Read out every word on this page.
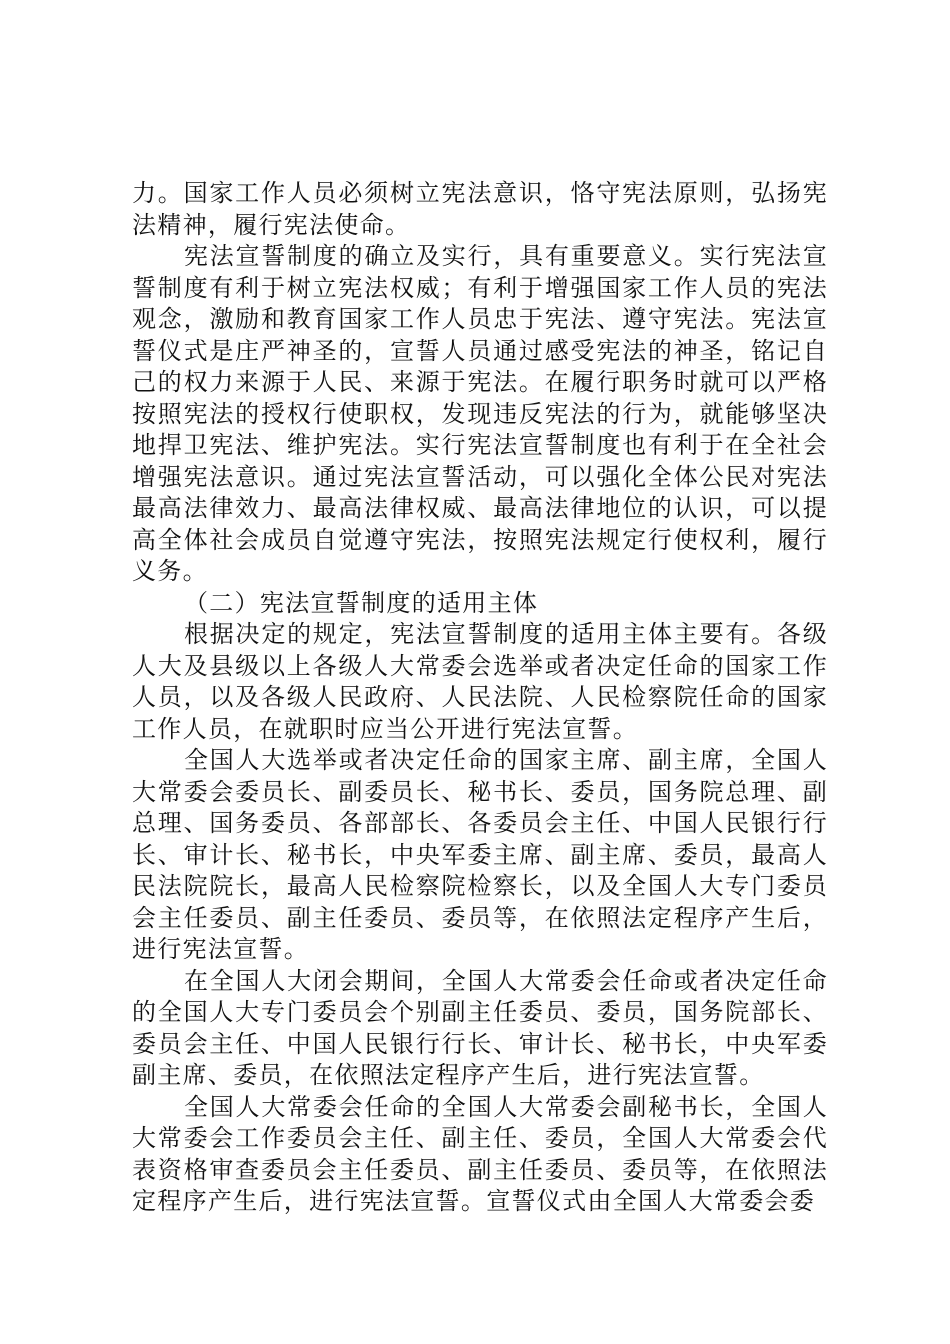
力。国家工作人员必须树立宪法意识，恪守宪法原则，弘扬宪法精神，履行宪法使命。

宪法宣誓制度的确立及实行，具有重要意义。实行宪法宣誓制度有利于树立宪法权威；有利于增强国家工作人员的宪法观念，激励和教育国家工作人员忠于宪法、遵守宪法。宪法宣誓仪式是庄严神圣的，宣誓人员通过感受宪法的神圣，铭记自己的权力来源于人民、来源于宪法。在履行职务时就可以严格按照宪法的授权行使职权，发现违反宪法的行为，就能够坚决地捍卫宪法、维护宪法。实行宪法宣誓制度也有利于在全社会增强宪法意识。通过宪法宣誓活动，可以强化全体公民对宪法最高法律效力、最高法律权威、最高法律地位的认识，可以提高全体社会成员自觉遵守宪法，按照宪法规定行使权利，履行义务。

（二）宪法宣誓制度的适用主体

根据决定的规定，宪法宣誓制度的适用主体主要有。各级人大及县级以上各级人大常委会选举或者决定任命的国家工作人员，以及各级人民政府、人民法院、人民检察院任命的国家工作人员，在就职时应当公开进行宪法宣誓。

全国人大选举或者决定任命的国家主席、副主席，全国人大常委会委员长、副委员长、秘书长、委员，国务院总理、副总理、国务委员、各部部长、各委员会主任、中国人民银行行长、审计长、秘书长，中央军委主席、副主席、委员，最高人民法院院长，最高人民检察院检察长，以及全国人大专门委员会主任委员、副主任委员、委员等，在依照法定程序产生后，进行宪法宣誓。

在全国人大闭会期间，全国人大常委会任命或者决定任命的全国人大专门委员会个别副主任委员、委员，国务院部长、委员会主任、中国人民银行行长、审计长、秘书长，中央军委副主席、委员，在依照法定程序产生后，进行宪法宣誓。

全国人大常委会任命的全国人大常委会副秘书长，全国人大常委会工作委员会主任、副主任、委员，全国人大常委会代表资格审查委员会主任委员、副主任委员、委员等，在依照法定程序产生后，进行宪法宣誓。宣誓仪式由全国人大常委会委
